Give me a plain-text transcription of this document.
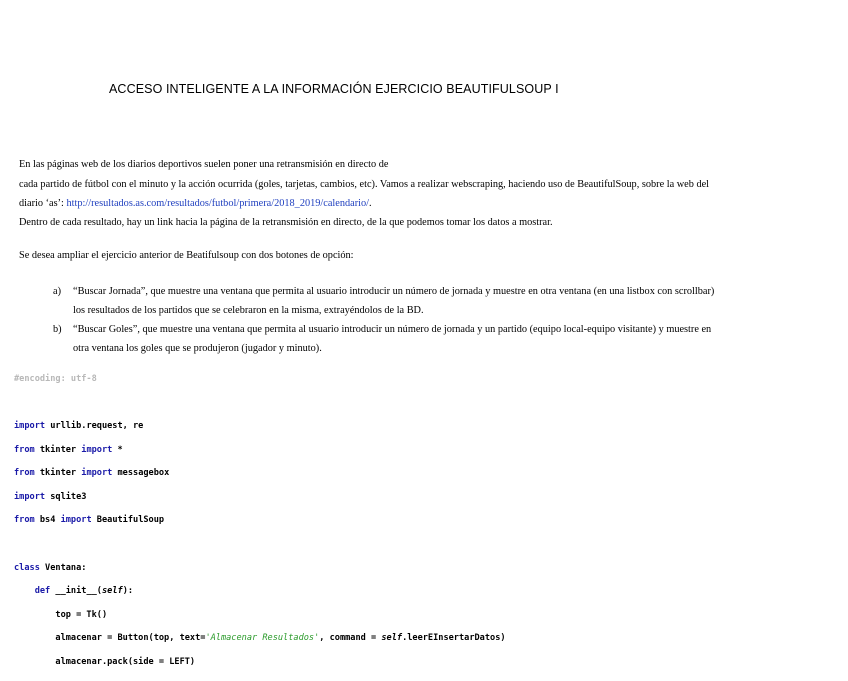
ACCESO INTELIGENTE A LA INFORMACIÓN EJERCICIO BEAUTIFULSOUP I
En las páginas web de los diarios deportivos suelen poner una retransmisión en directo de
cada partido de fútbol con el minuto y la acción ocurrida (goles, tarjetas, cambios, etc). Vamos a realizar webscraping, haciendo uso de BeautifulSoup, sobre la web del
diario ‘as’: http://resultados.as.com/resultados/futbol/primera/2018_2019/calendario/.
Dentro de cada resultado, hay un link hacia la página de la retransmisión en directo, de la que podemos tomar los datos a mostrar.
Se desea ampliar el ejercicio anterior de Beatifulsoup con dos botones de opción:
a) “Buscar Jornada”, que muestre una ventana que permita al usuario introducir un número de jornada y muestre en otra ventana (en una listbox con scrollbar)
los resultados de los partidos que se celebraron en la misma, extrayéndolos de la BD.
b) “Buscar Goles”, que muestre una ventana que permita al usuario introducir un número de jornada y un partido (equipo local-equipo visitante) y muestre en
otra ventana los goles que se produjeron (jugador y minuto).

#encoding: utf-8

import urllib.request, re

from tkinter import *

from tkinter import messagebox

import sqlite3

from bs4 import BeautifulSoup

class Ventana:

def __init__(self):

top = Tk()

almacenar = Button(top, text='Almacenar Resultados', command = self.leerEInsertarDatos)

almacenar.pack(side = LEFT)
